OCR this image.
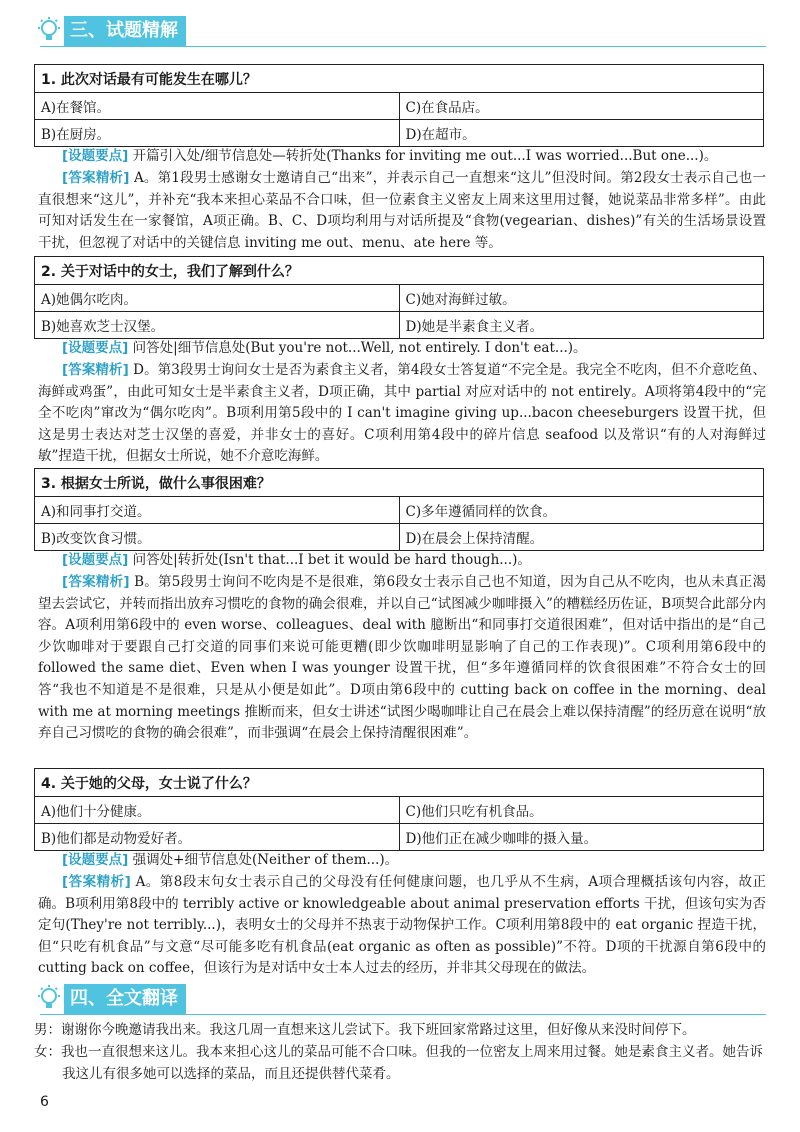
三、试题精解
1. 此次对话最有可能发生在哪儿？	
A)在餐馆。	C)在食品店。
B)在厨房。	D)在超市。
[设题要点] 开篇引入处/细节信息处—转折处(Thanks for inviting me out...I was worried...But one...)。
[答案精析] A。第1段男士感谢女士邀请自己“出来”，并表示自己一直想来“这儿”但没时间。第2段女士表示自己也一直很想来“这儿”，并补充“我本来担心菜品不合口味，但一位素食主义密友上周来这里用过餐，她说菜品非常多样”。由此可知对话发生在一家餐馆，A项正确。B、C、D项均利用与对话所提及“食物(vegearian、dishes)”有关的生活场景设置干扰，但忽视了对话中的关键信息 inviting me out、menu、ate here 等。
2. 关于对话中的女士，我们了解到什么？	
A)她偶尔吃肉。	C)她对海鲜过敏。
B)她喜欢芝士汉堡。	D)她是半素食主义者。
[设题要点] 问答处|细节信息处(But you're not...Well, not entirely. I don't eat...)。
[答案精析] D。第3段男士询问女士是否为素食主义者，第4段女士答复道“不完全是。我完全不吃肉，但不介意吃鱼、海鲜或鸡蛋”，由此可知女士是半素食主义者，D项正确，其中 partial 对应对话中的 not entirely。A项将第4段中的“完全不吃肉”窜改为“偶尔吃肉”。B项利用第5段中的 I can't imagine giving up...bacon cheeseburgers 设置干扰，但这是男士表达对芝士汉堡的喜爱，并非女士的喜好。C项利用第4段中的碎片信息 seafood 以及常识“有的人对海鲜过敏”捏造干扰，但据女士所说，她不介意吃海鲜。
3. 根据女士所说，做什么事很困难？	
A)和同事打交道。	C)多年遵循同样的饮食。
B)改变饮食习惯。	D)在晨会上保持清醒。
[设题要点] 问答处|转折处(Isn't that...I bet it would be hard though...)。
[答案精析] B。第5段男士询问不吃肉是不是很难，第6段女士表示自己也不知道，因为自己从不吃肉，也从未真正渴望去尝试它，并转而指出放弃习惯吃的食物的确会很难，并以自己“试图减少咖啡摄入”的糟糕经历佐证，B项契合此部分内容。A项利用第6段中的 even worse、colleagues、deal with 臆断出“和同事打交道很困难”，但对话中指出的是“自己少饮咖啡对于要跟自己打交道的同事们来说可能更糟(即少饮咖啡明显影响了自己的工作表现)”。C项利用第6段中的 followed the same diet、Even when I was younger 设置干扰，但“多年遵循同样的饮食很困难”不符合女士的回答“我也不知道是不是很难，只是从小便是如此”。D项由第6段中的 cutting back on coffee in the morning、deal with me at morning meetings 推断而来，但女士讲述“试图少喝咖啡让自己在晨会上难以保持清醒”的经历意在说明“放弃自己习惯吃的食物的确会很难”，而非强调“在晨会上保持清醒很困难”。
4. 关于她的父母，女士说了什么？	
A)他们十分健康。	C)他们只吃有机食品。
B)他们都是动物爱好者。	D)他们正在减少咖啡的摄入量。
[设题要点] 强调处+细节信息处(Neither of them...)。
[答案精析] A。第8段末句女士表示自己的父母没有任何健康问题，也几乎从不生病，A项合理概括该句内容，故正确。B项利用第8段中的 terribly active or knowledgeable about animal preservation efforts 干扰，但该句实为否定句(They're not terribly...)，表明女士的父母并不热衷于动物保护工作。C项利用第8段中的 eat organic 捏造干扰，但“只吃有机食品”与文意“尽可能多吃有机食品(eat organic as often as possible)”不符。D项的干扰源自第6段中的 cutting back on coffee，但该行为是对话中女士本人过去的经历，并非其父母现在的做法。
四、全文翻译
男：谢谢你今晚邀请我出来。我这几周一直想来这儿尝试下。我下班回家常路过这里，但好像从来没时间停下。
女：我也一直很想来这儿。我本来担心这儿的菜品可能不合口味。但我的一位密友上周来用过餐。她是素食主义者。她告诉我这儿有很多她可以选择的菜品，而且还提供替代菜肴。
6
